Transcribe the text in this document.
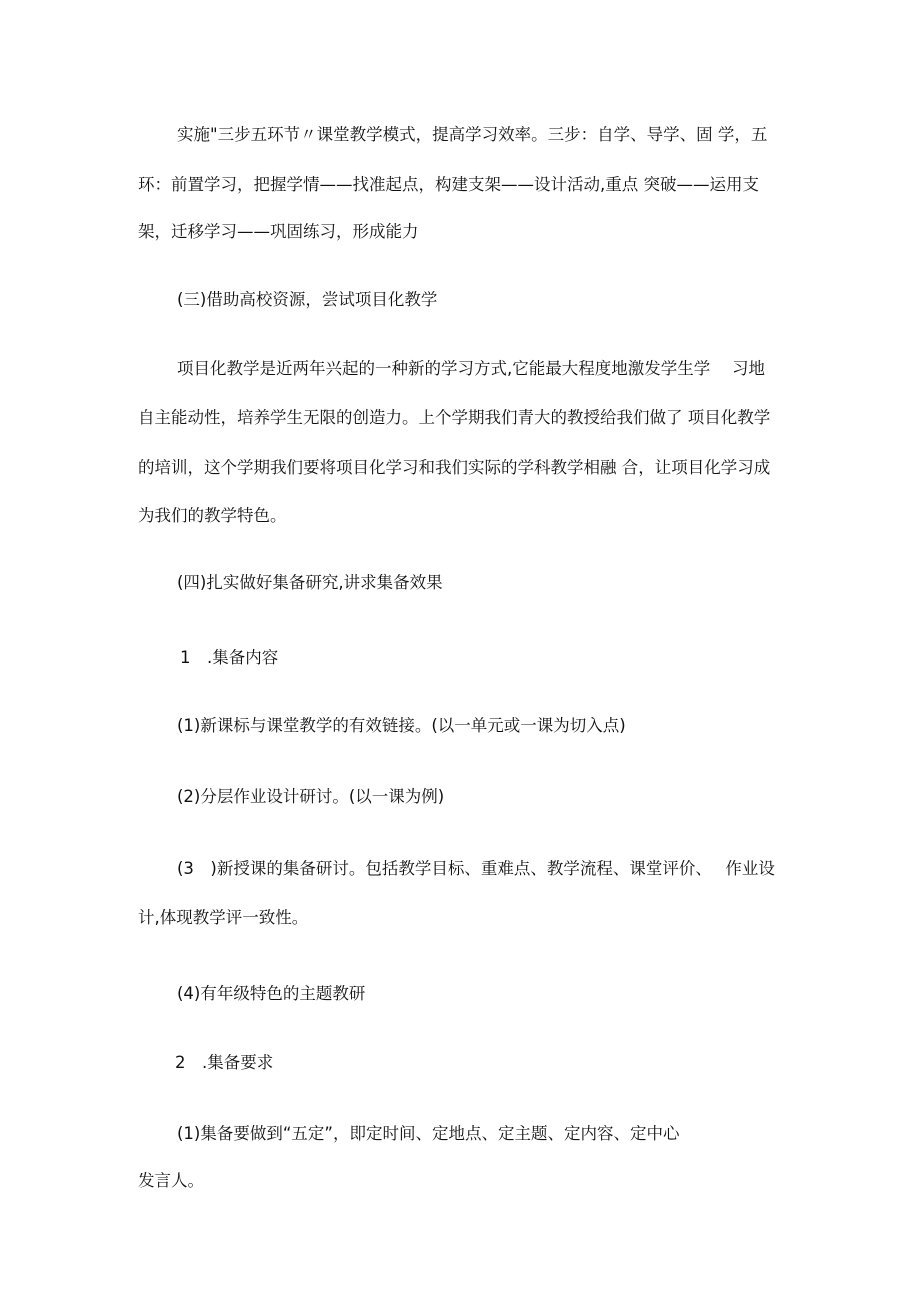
实施"三步五环节〃课堂教学模式，提高学习效率。三步：自学、导学、固 学，五
环：前置学习，把握学情——找准起点，构建支架——设计活动,重点 突破——运用支
架，迁移学习——巩固练习，形成能力
(三)借助高校资源，尝试项目化教学
项目化教学是近两年兴起的一种新的学习方式,它能最大程度地激发学生学　 习地
自主能动性，培养学生无限的创造力。上个学期我们青大的教授给我们做了 项目化教学
的培训，这个学期我们要将项目化学习和我们实际的学科教学相融 合，让项目化学习成
为我们的教学特色。
(四)扎实做好集备研究,讲求集备效果
1　.集备内容
(1)新课标与课堂教学的有效链接。(以一单元或一课为切入点)
(2)分层作业设计研讨。(以一课为例)
(3　)新授课的集备研讨。包括教学目标、重难点、教学流程、课堂评价、　 作业设
计,体现教学评一致性。
(4)有年级特色的主题教研
2　.集备要求
(1)集备要做到“五定”，即定时间、定地点、定主题、定内容、定中心
发言人。
